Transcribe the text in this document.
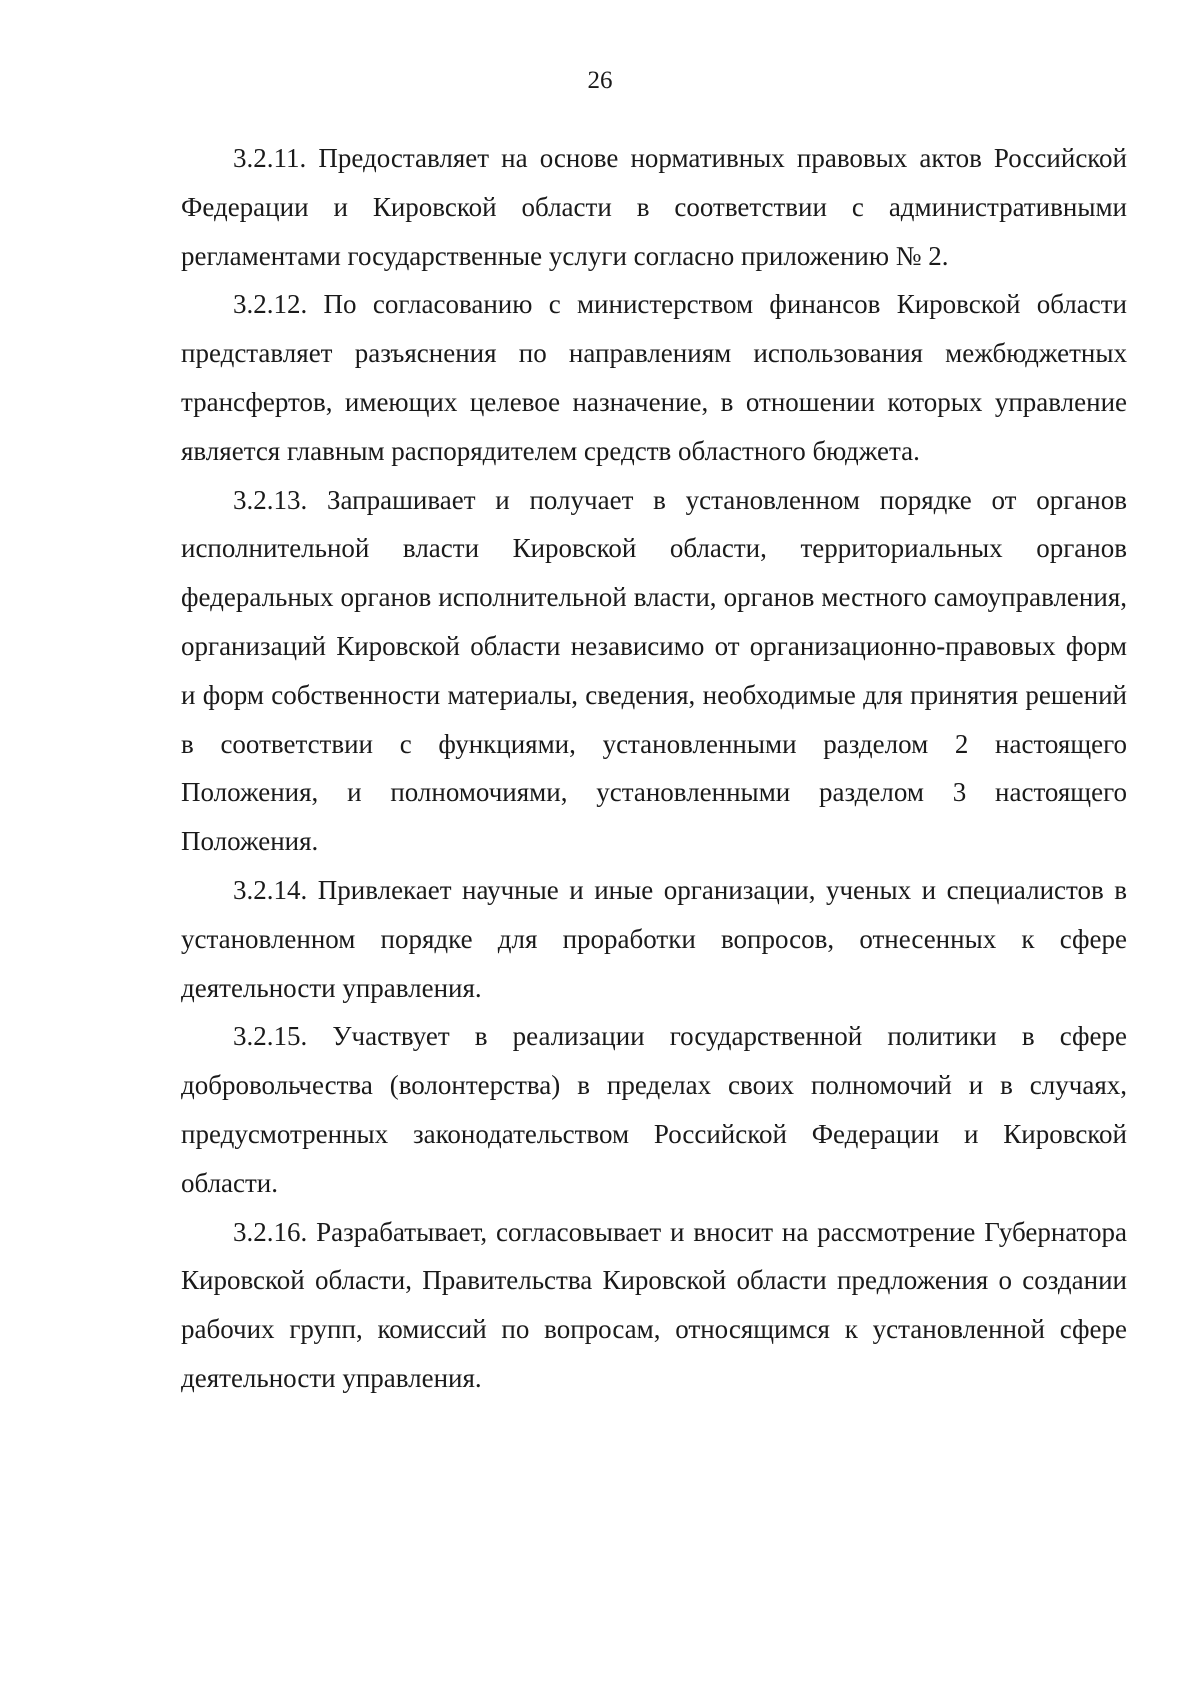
26

3.2.11. Предоставляет на основе нормативных правовых актов Российской Федерации и Кировской области в соответствии с административными регламентами государственные услуги согласно приложению № 2.

3.2.12. По согласованию с министерством финансов Кировской области представляет разъяснения по направлениям использования межбюджетных трансфертов, имеющих целевое назначение, в отношении которых управление является главным распорядителем средств областного бюджета.

3.2.13. Запрашивает и получает в установленном порядке от органов исполнительной власти Кировской области, территориальных органов федеральных органов исполнительной власти, органов местного самоуправления, организаций Кировской области независимо от организационно-правовых форм и форм собственности материалы, сведения, необходимые для принятия решений в соответствии с функциями, установленными разделом 2 настоящего Положения, и полномочиями, установленными разделом 3 настоящего Положения.

3.2.14. Привлекает научные и иные организации, ученых и специалистов в установленном порядке для проработки вопросов, отнесенных к сфере деятельности управления.

3.2.15. Участвует в реализации государственной политики в сфере добровольчества (волонтерства) в пределах своих полномочий и в случаях, предусмотренных законодательством Российской Федерации и Кировской области.

3.2.16. Разрабатывает, согласовывает и вносит на рассмотрение Губернатора Кировской области, Правительства Кировской области предложения о создании рабочих групп, комиссий по вопросам, относящимся к установленной сфере деятельности управления.
